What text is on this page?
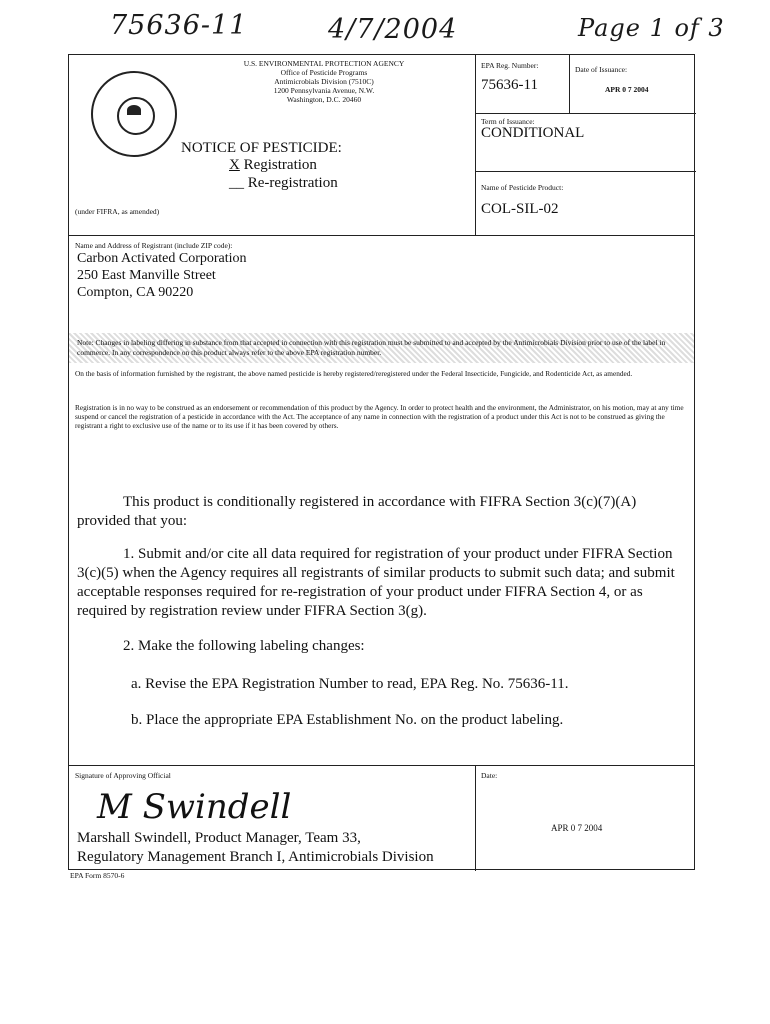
75636-11	4/7/2004	Page 1 of 3
U.S. ENVIRONMENTAL PROTECTION AGENCY
Office of Pesticide Programs
Antimicrobials Division (7510C)
1200 Pennsylvania Avenue, N.W.
Washington, D.C. 20460
NOTICE OF PESTICIDE:
X Registration
__ Re-registration
(under FIFRA, as amended)
EPA Reg. Number:
75636-11
Date of Issuance:
APR 0 7 2004
Term of Issuance:
CONDITIONAL
Name of Pesticide Product:
COL-SIL-02
Name and Address of Registrant (include ZIP code):
Carbon Activated Corporation
250 East Manville Street
Compton, CA 90220
Note: Changes in labeling differing in substance from that accepted in connection with this registration must be submitted to and accepted by the Antimicrobials Division prior to use of the label in commerce. In any correspondence on this product always refer to the above EPA registration number.
On the basis of information furnished by the registrant, the above named pesticide is hereby registered/reregistered under the Federal Insecticide, Fungicide, and Rodenticide Act, as amended.
Registration is in no way to be construed as an endorsement or recommendation of this product by the Agency. In order to protect health and the environment, the Administrator, on his motion, may at any time suspend or cancel the registration of a pesticide in accordance with the Act. The acceptance of any name in connection with the registration of a product under this Act is not to be construed as giving the registrant a right to exclusive use of the name or to its use if it has been covered by others.
This product is conditionally registered in accordance with FIFRA Section 3(c)(7)(A) provided that you:
1. Submit and/or cite all data required for registration of your product under FIFRA Section 3(c)(5) when the Agency requires all registrants of similar products to submit such data; and submit acceptable responses required for re-registration of your product under FIFRA Section 4, or as required by registration review under FIFRA Section 3(g).
2. Make the following labeling changes:
a. Revise the EPA Registration Number to read, EPA Reg. No. 75636-11.
b. Place the appropriate EPA Establishment No. on the product labeling.
Signature of Approving Official	Date:
M Swindell
Marshall Swindell, Product Manager, Team 33,
Regulatory Management Branch I, Antimicrobials Division
APR 0 7 2004
EPA Form 8570-6
